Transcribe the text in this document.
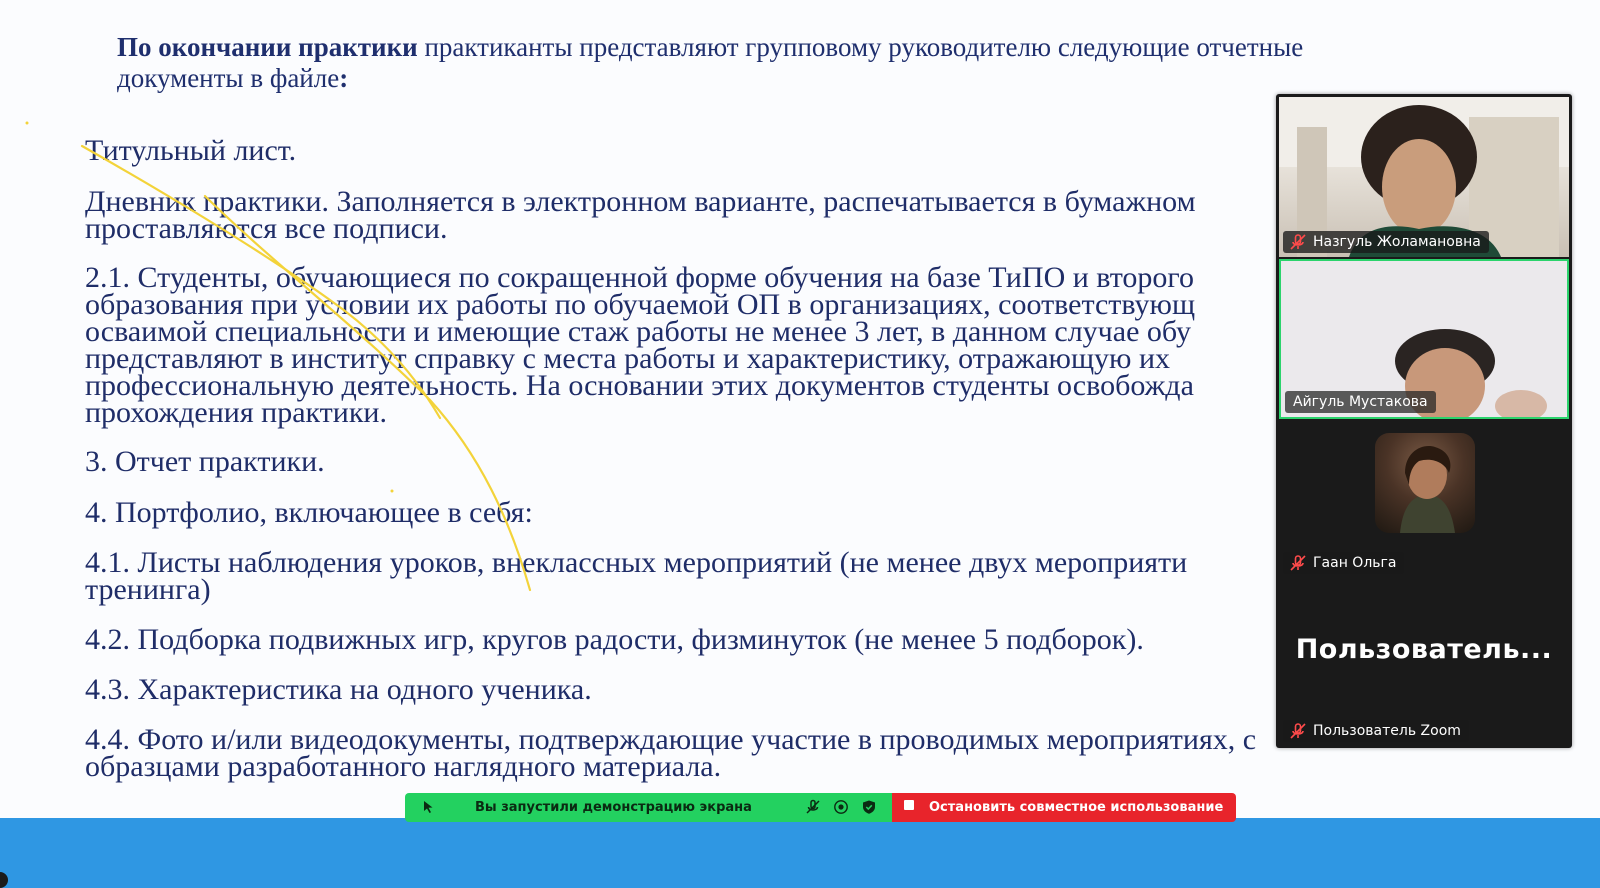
По окончании практики практиканты представляют групповому руководителю следующие отчетные
документы в файле:

Титульный лист.

Дневник практики. Заполняется в электронном варианте, распечатывается в бумажном

проставляются все подписи.

2.1. Студенты, обучающиеся по сокращенной форме обучения на базе ТиПО и второго

образования при условии их работы по обучаемой ОП в организациях, соответствующ

осваимой специальности и имеющие стаж работы не менее 3 лет, в данном случае обу

представляют в институт справку с места работы и характеристику, отражающую их

профессиональную деятельность. На основании этих документов студенты освобожда

прохождения практики.

3. Отчет практики.

4. Портфолио, включающее в себя:

4.1. Листы наблюдения уроков, внеклассных мероприятий (не менее двух мероприяти

тренинга)

4.2. Подборка подвижных игр, кругов радости, физминуток (не менее 5 подборок).

4.3. Характеристика на одного ученика.

4.4. Фото и/или видеодокументы, подтверждающие участие в проводимых мероприятиях, с

образцами разработанного наглядного материала.

Назгуль Жоламановна
Айгуль Мустакова
Гаан Ольга
Пользователь...
Пользователь Zoom
Вы запустили демонстрацию экрана	Остановить совместное использование
